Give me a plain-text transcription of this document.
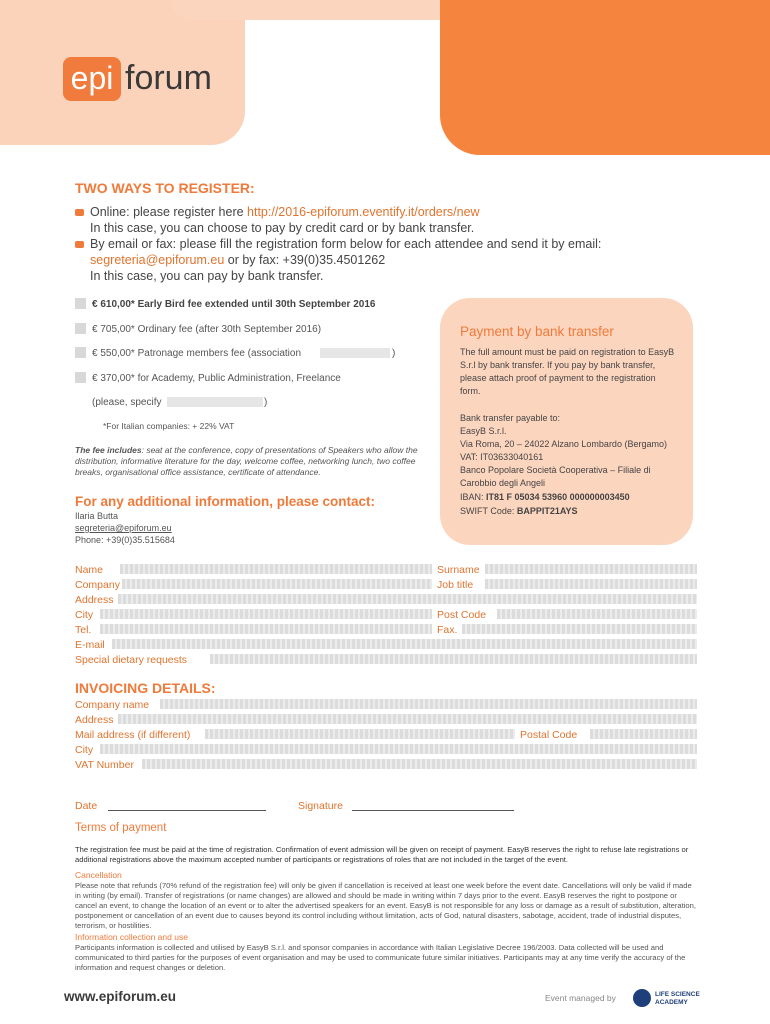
epi forum
TWO WAYS TO REGISTER:
Online: please register here http://2016-epiforum.eventify.it/orders/new
In this case, you can choose to pay by credit card or by bank transfer.
By email or fax: please fill the registration form below for each attendee and send it by email:
segreteria@epiforum.eu or by fax: +39(0)35.4501262
In this case, you can pay by bank transfer.
€ 610,00* Early Bird fee extended until 30th September 2016
€ 705,00* Ordinary fee (after 30th September 2016)
€ 550,00* Patronage members fee (association	)
€ 370,00* for Academy, Public Administration, Freelance
(please, specify	)
*For Italian companies: + 22% VAT
The fee includes: seat at the conference, copy of presentations of Speakers who allow the distribution, informative literature for the day, welcome coffee, networking lunch, two coffee breaks, organisational office assistance, certificate of attendance.
Payment by bank transfer
The full amount must be paid on registration to EasyB S.r.l by bank transfer. If you pay by bank transfer, please attach proof of payment to the registration form.
Bank transfer payable to:
EasyB S.r.l.
Via Roma, 20 – 24022 Alzano Lombardo (Bergamo)
VAT: IT03633040161
Banco Popolare Società Cooperativa – Filiale di Carobbio degli Angeli
IBAN: IT81 F 05034 53960 000000003450
SWIFT Code: BAPPIT21AYS
For any additional information, please contact:
Ilaria Butta
segreteria@epiforum.eu
Phone: +39(0)35.515684
Name	Surname
Company	Job title
Address
City	Post Code
Tel.	Fax.
E-mail
Special dietary requests
INVOICING DETAILS:
Company name
Address
Mail address (if different)	Postal Code
City
VAT Number
Date	Signature
Terms of payment
The registration fee must be paid at the time of registration. Confirmation of event admission will be given on receipt of payment. EasyB reserves the right to refuse late registrations or additional registrations above the maximum accepted number of participants or registrations of roles that are not included in the target of the event.
Cancellation
Please note that refunds (70% refund of the registration fee) will only be given if cancellation is received at least one week before the event date. Cancellations will only be valid if made in writing (by email). Transfer of registrations (or name changes) are allowed and should be made in writing within 7 days prior to the event. EasyB reserves the right to postpone or cancel an event, to change the location of an event or to alter the advertised speakers for an event. EasyB is not responsible for any loss or damage as a result of substitution, alteration, postponement or cancellation of an event due to causes beyond its control including without limitation, acts of God, natural disasters, sabotage, accident, trade of industrial disputes, terrorism, or hostilities.
Information collection and use
Participants information is collected and utilised by EasyB S.r.l. and sponsor companies in accordance with Italian Legislative Decree 196/2003. Data collected will be used and communicated to third parties for the purposes of event organisation and may be used to communicate future similar initiatives. Participants may at any time verify the accuracy of the information and request changes or deletion.
www.epiforum.eu	Event managed by	LIFE SCIENCE ACADEMY
